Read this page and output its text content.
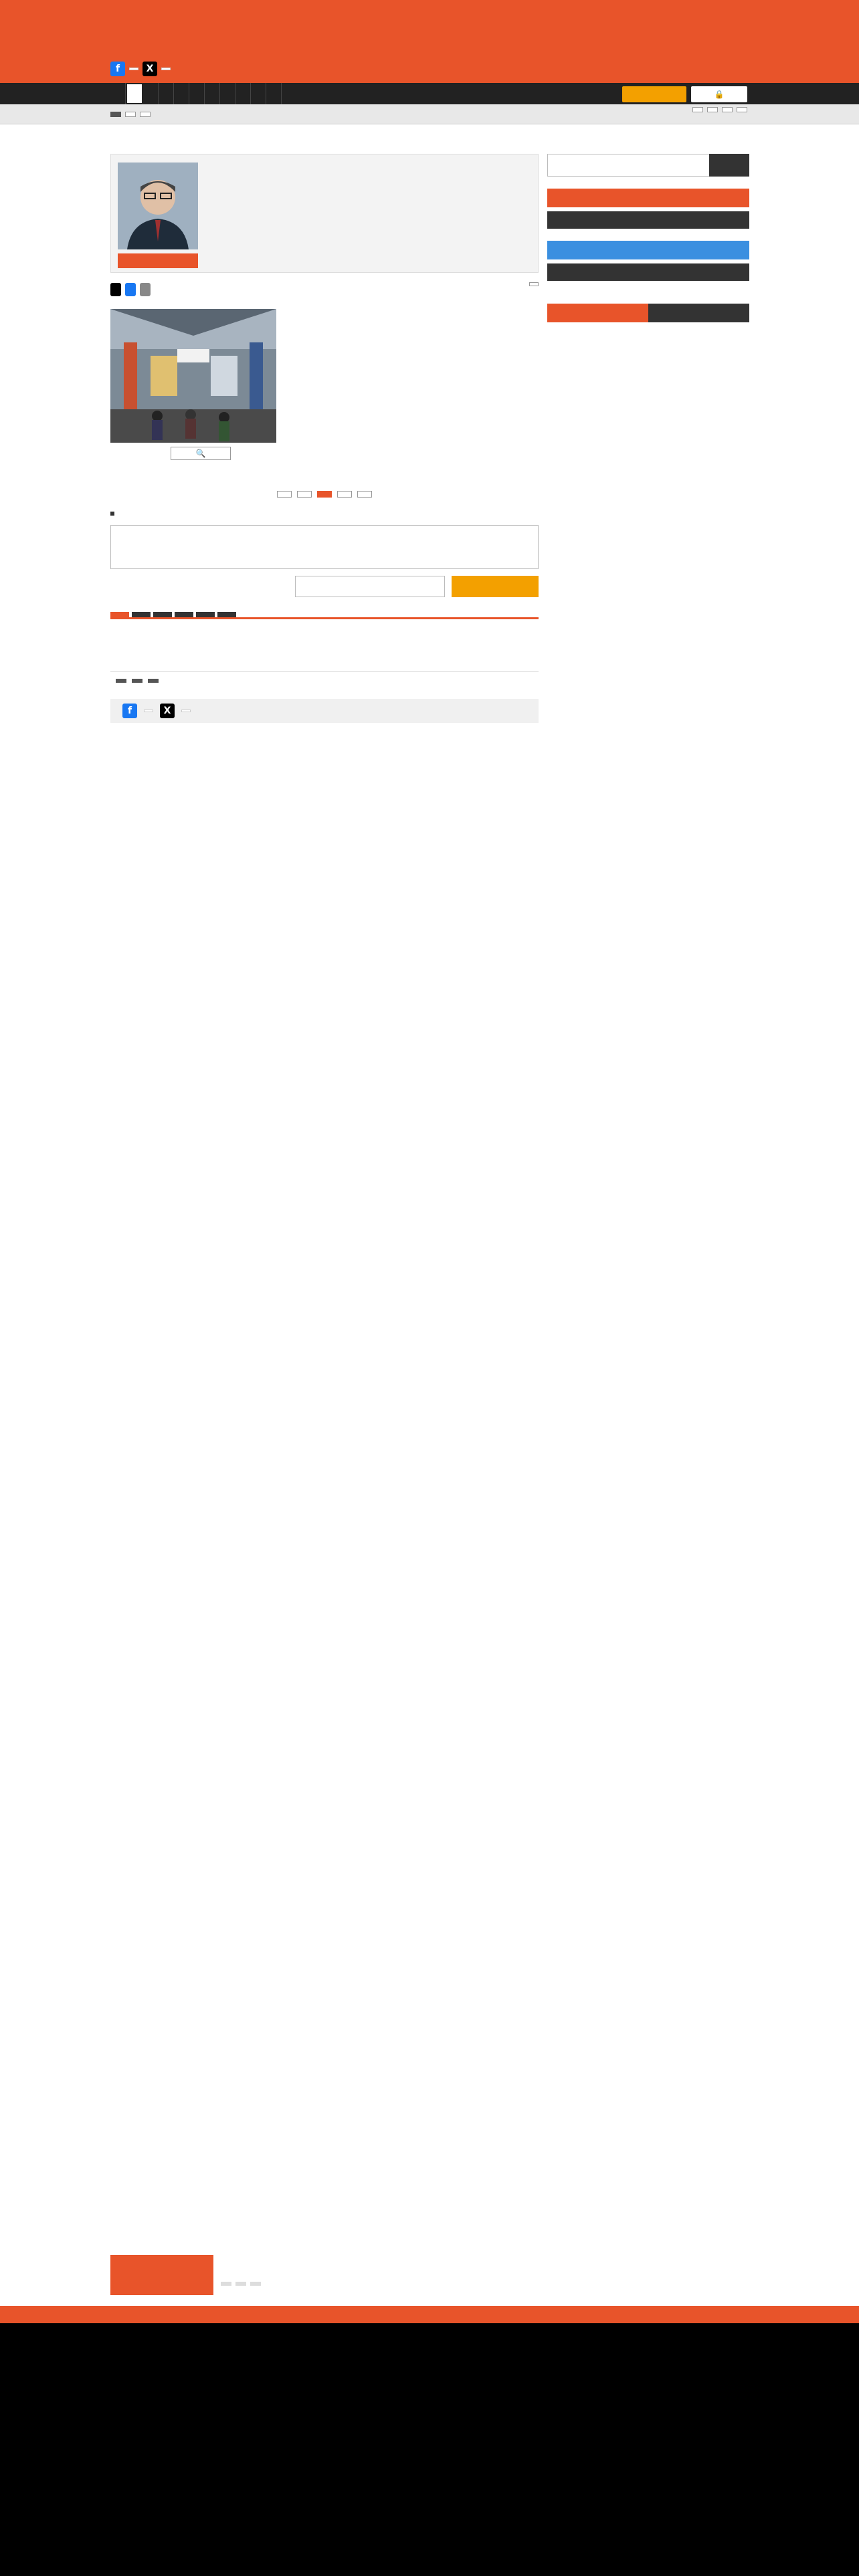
f	X
🔒
🔍

f	X
